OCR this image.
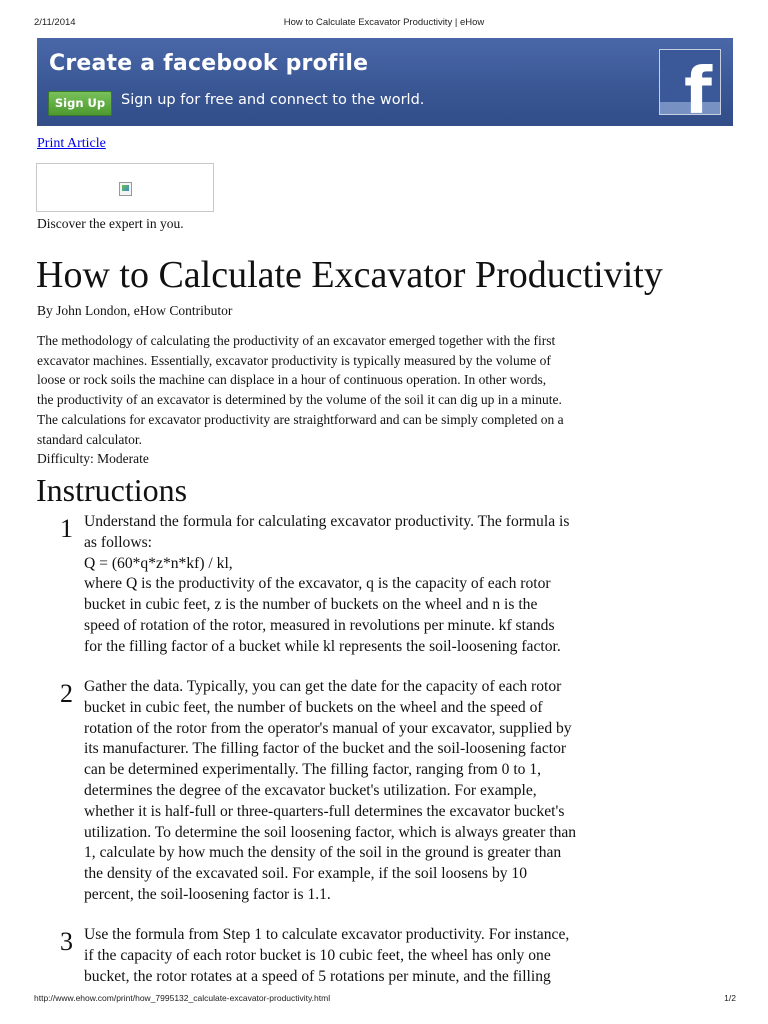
2/11/2014	How to Calculate Excavator Productivity | eHow
Create a facebook profile
Sign Up	Sign up for free and connect to the world.	f
Print Article
Discover the expert in you.
How to Calculate Excavator Productivity
By John London, eHow Contributor

The methodology of calculating the productivity of an excavator emerged together with the first
excavator machines. Essentially, excavator productivity is typically measured by the volume of
loose or rock soils the machine can displace in a hour of continuous operation. In other words,
the productivity of an excavator is determined by the volume of the soil it can dig up in a minute.
The calculations for excavator productivity are straightforward and can be simply completed on a
standard calculator.

Difficulty: Moderate
Instructions
1 Understand the formula for calculating excavator productivity. The formula is
as follows:
Q = (60*q*z*n*kf) / kl,
where Q is the productivity of the excavator, q is the capacity of each rotor
bucket in cubic feet, z is the number of buckets on the wheel and n is the
speed of rotation of the rotor, measured in revolutions per minute. kf stands
for the filling factor of a bucket while kl represents the soil-loosening factor.

2 Gather the data. Typically, you can get the date for the capacity of each rotor
bucket in cubic feet, the number of buckets on the wheel and the speed of
rotation of the rotor from the operator's manual of your excavator, supplied by
its manufacturer. The filling factor of the bucket and the soil-loosening factor
can be determined experimentally. The filling factor, ranging from 0 to 1,
determines the degree of the excavator bucket's utilization. For example,
whether it is half-full or three-quarters-full determines the excavator bucket's
utilization. To determine the soil loosening factor, which is always greater than
1, calculate by how much the density of the soil in the ground is greater than
the density of the excavated soil. For example, if the soil loosens by 10
percent, the soil-loosening factor is 1.1.

3 Use the formula from Step 1 to calculate excavator productivity. For instance,
if the capacity of each rotor bucket is 10 cubic feet, the wheel has only one
bucket, the rotor rotates at a speed of 5 rotations per minute, and the filling

http://www.ehow.com/print/how_7995132_calculate-excavator-productivity.html	1/2
